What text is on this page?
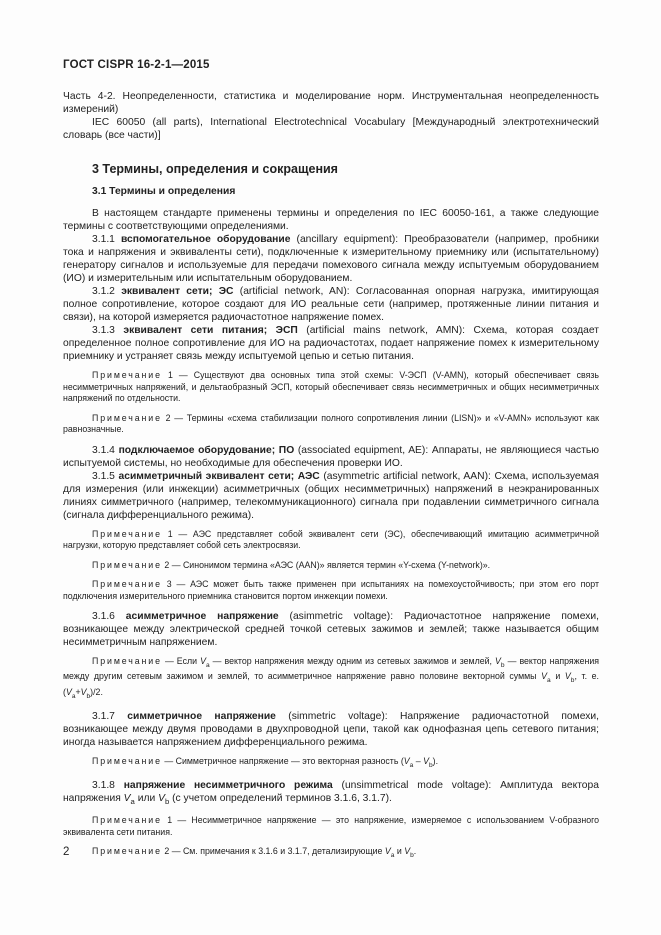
ГОСТ CISPR 16-2-1—2015

Часть 4-2. Неопределенности, статистика и моделирование норм. Инструментальная неопределенность измерений)

IEC 60050 (all parts), International Electrotechnical Vocabulary [Международный электротехнический словарь (все части)]

3 Термины, определения и сокращения

3.1 Термины и определения

В настоящем стандарте применены термины и определения по IEC 60050-161, а также следующие термины с соответствующими определениями.

3.1.1 вспомогательное оборудование (ancillary equipment): Преобразователи (например, пробники тока и напряжения и эквиваленты сети), подключенные к измерительному приемнику или (испытательному) генератору сигналов и используемые для передачи помехового сигнала между испытуемым оборудованием (ИО) и измерительным или испытательным оборудованием.

3.1.2 эквивалент сети; ЭС (artificial network, AN): Согласованная опорная нагрузка, имитирующая полное сопротивление, которое создают для ИО реальные сети (например, протяженные линии питания и связи), на которой измеряется радиочастотное напряжение помех.

3.1.3 эквивалент сети питания; ЭСП (artificial mains network, AMN): Схема, которая создает определенное полное сопротивление для ИО на радиочастотах, подает напряжение помех к измерительному приемнику и устраняет связь между испытуемой цепью и сетью питания.

Примечание 1 — Существуют два основных типа этой схемы: V-ЭСП (V-AMN), который обеспечивает связь несимметричных напряжений, и дельтаобразный ЭСП, который обеспечивает связь несимметричных и общих несимметричных напряжений по отдельности.

Примечание 2 — Термины «схема стабилизации полного сопротивления линии (LISN)» и «V-AMN» используют как равнозначные.

3.1.4 подключаемое оборудование; ПО (associated equipment, AE): Аппараты, не являющиеся частью испытуемой системы, но необходимые для обеспечения проверки ИО.

3.1.5 асимметричный эквивалент сети; АЭС (asymmetric artificial network, AAN): Схема, используемая для измерения (или инжекции) асимметричных (общих несимметричных) напряжений в неэкранированных линиях симметричного (например, телекоммуникационного) сигнала при подавлении симметричного сигнала (сигнала дифференциального режима).

Примечание 1 — АЭС представляет собой эквивалент сети (ЭС), обеспечивающий имитацию асимметричной нагрузки, которую представляет собой сеть электросвязи.

Примечание 2 — Синонимом термина «АЭС (AAN)» является термин «Y-схема (Y-network)».

Примечание 3 — АЭС может быть также применен при испытаниях на помехоустойчивость; при этом его порт подключения измерительного приемника становится портом инжекции помехи.

3.1.6 асимметричное напряжение (asimmetric voltage): Радиочастотное напряжение помехи, возникающее между электрической средней точкой сетевых зажимов и землей; также называется общим несимметричным напряжением.

Примечание — Если $V_a$ — вектор напряжения между одним из сетевых зажимов и землей, $V_b$ — вектор напряжения между другим сетевым зажимом и землей, то асимметричное напряжение равно половине векторной суммы $V_a$ и $V_b$, т. е. $(V_a+V_b)/2$.

3.1.7 симметричное напряжение (simmetric voltage): Напряжение радиочастотной помехи, возникающее между двумя проводами в двухпроводной цепи, такой как однофазная цепь сетевого питания; иногда называется напряжением дифференциального режима.

Примечание — Симметричное напряжение — это векторная разность $(V_a - V_b)$.

3.1.8 напряжение несимметричного режима (unsimmetrical mode voltage): Амплитуда вектора напряжения $V_a$ или $V_b$ (с учетом определений терминов 3.1.6, 3.1.7).

Примечание 1 — Несимметричное напряжение — это напряжение, измеряемое с использованием V-образного эквивалента сети питания.

Примечание 2 — См. примечания к 3.1.6 и 3.1.7, детализирующие $V_a$ и $V_b$.

2
